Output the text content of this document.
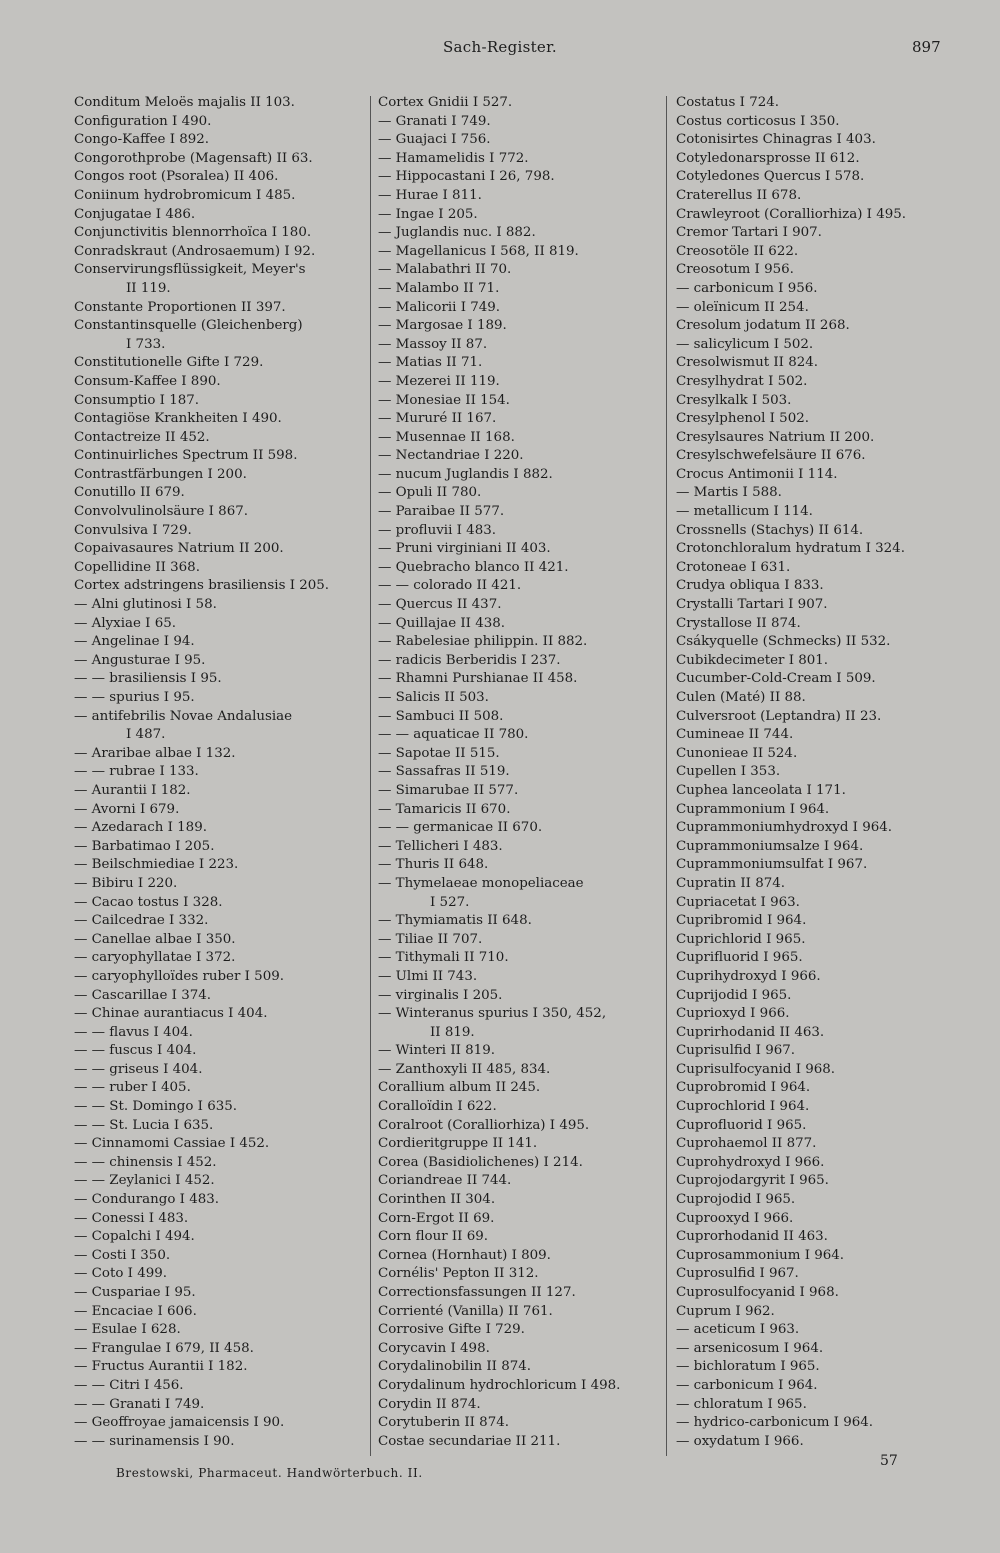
Sach-Register.	897
Conditum Meloës majalis II 103.
Configuration I 490.
Congo-Kaffee I 892.
Congorothprobe (Magensaft) II 63.
Congos root (Psoralea) II 406.
Coniinum hydrobromicum I 485.
Conjugatae I 486.
Conjunctivitis blennorrhoïca I 180.
Conradskraut (Androsaemum) I 92.
Conservirungsflüssigkeit, Meyer's
II 119.
Constante Proportionen II 397.
Constantinsquelle (Gleichenberg)
I 733.
Constitutionelle Gifte I 729.
Consum-Kaffee I 890.
Consumptio I 187.
Contagiöse Krankheiten I 490.
Contactreize II 452.
Continuirliches Spectrum II 598.
Contrastfärbungen I 200.
Conutillo II 679.
Convolvulinolsäure I 867.
Convulsiva I 729.
Copaivasaures Natrium II 200.
Copellidine II 368.
Cortex adstringens brasiliensis I 205.
— Alni glutinosi I 58.
— Alyxiae I 65.
— Angelinae I 94.
— Angusturae I 95.
— — brasiliensis I 95.
— — spurius I 95.
— antifebrilis Novae Andalusiae
I 487.
— Araribae albae I 132.
— — rubrae I 133.
— Aurantii I 182.
— Avorni I 679.
— Azedarach I 189.
— Barbatimao I 205.
— Beilschmiediae I 223.
— Bibiru I 220.
— Cacao tostus I 328.
— Cailcedrae I 332.
— Canellae albae I 350.
— caryophyllatae I 372.
— caryophylloïdes ruber I 509.
— Cascarillae I 374.
— Chinae aurantiacus I 404.
— — flavus I 404.
— — fuscus I 404.
— — griseus I 404.
— — ruber I 405.
— — St. Domingo I 635.
— — St. Lucia I 635.
— Cinnamomi Cassiae I 452.
— — chinensis I 452.
— — Zeylanici I 452.
— Condurango I 483.
— Conessi I 483.
— Copalchi I 494.
— Costi I 350.
— Coto I 499.
— Cuspariae I 95.
— Encaciae I 606.
— Esulae I 628.
— Frangulae I 679, II 458.
— Fructus Aurantii I 182.
— — Citri I 456.
— — Granati I 749.
— Geoffroyae jamaicensis I 90.
— — surinamensis I 90.
Cortex Gnidii I 527.
— Granati I 749.
— Guajaci I 756.
— Hamamelidis I 772.
— Hippocastani I 26, 798.
— Hurae I 811.
— Ingae I 205.
— Juglandis nuc. I 882.
— Magellanicus I 568, II 819.
— Malabathri II 70.
— Malambo II 71.
— Malicorii I 749.
— Margosae I 189.
— Massoy II 87.
— Matias II 71.
— Mezerei II 119.
— Monesiae II 154.
— Mururé II 167.
— Musennae II 168.
— Nectandriae I 220.
— nucum Juglandis I 882.
— Opuli II 780.
— Paraibae II 577.
— profluvii I 483.
— Pruni virginiani II 403.
— Quebracho blanco II 421.
— — colorado II 421.
— Quercus II 437.
— Quillajae II 438.
— Rabelesiae philippin. II 882.
— radicis Berberidis I 237.
— Rhamni Purshianae II 458.
— Salicis II 503.
— Sambuci II 508.
— — aquaticae II 780.
— Sapotae II 515.
— Sassafras II 519.
— Simarubae II 577.
— Tamaricis II 670.
— — germanicae II 670.
— Tellicheri I 483.
— Thuris II 648.
— Thymelaeae monopeliaceae
I 527.
— Thymiamatis II 648.
— Tiliae II 707.
— Tithymali II 710.
— Ulmi II 743.
— virginalis I 205.
— Winteranus spurius I 350, 452,
II 819.
— Winteri II 819.
— Zanthoxyli II 485, 834.
Corallium album II 245.
Coralloïdin I 622.
Coralroot (Coralliorhiza) I 495.
Cordieritgruppe II 141.
Corea (Basidiolichenes) I 214.
Coriandreae II 744.
Corinthen II 304.
Corn-Ergot II 69.
Corn flour II 69.
Cornea (Hornhaut) I 809.
Cornélis' Pepton II 312.
Correctionsfassungen II 127.
Corrienté (Vanilla) II 761.
Corrosive Gifte I 729.
Corycavin I 498.
Corydalinobilin II 874.
Corydalinum hydrochloricum I 498.
Corydin II 874.
Corytuberin II 874.
Costae secundariae II 211.
Costatus I 724.
Costus corticosus I 350.
Cotonisirtes Chinagras I 403.
Cotyledonarsprosse II 612.
Cotyledones Quercus I 578.
Craterellus II 678.
Crawleyroot (Coralliorhiza) I 495.
Cremor Tartari I 907.
Creosotöle II 622.
Creosotum I 956.
— carbonicum I 956.
— oleïnicum II 254.
Cresolum jodatum II 268.
— salicylicum I 502.
Cresolwismut II 824.
Cresylhydrat I 502.
Cresylkalk I 503.
Cresylphenol I 502.
Cresylsaures Natrium II 200.
Cresylschwefelsäure II 676.
Crocus Antimonii I 114.
— Martis I 588.
— metallicum I 114.
Crossnells (Stachys) II 614.
Crotonchloralum hydratum I 324.
Crotoneae I 631.
Crudya obliqua I 833.
Crystalli Tartari I 907.
Crystallose II 874.
Csákyquelle (Schmecks) II 532.
Cubikdecimeter I 801.
Cucumber-Cold-Cream I 509.
Culen (Maté) II 88.
Culversroot (Leptandra) II 23.
Cumineae II 744.
Cunonieae II 524.
Cupellen I 353.
Cuphea lanceolata I 171.
Cuprammonium I 964.
Cuprammoniumhydroxyd I 964.
Cuprammoniumsalze I 964.
Cuprammoniumsulfat I 967.
Cupratin II 874.
Cupriacetat I 963.
Cupribromid I 964.
Cuprichlorid I 965.
Cuprifluorid I 965.
Cuprihydroxyd I 966.
Cuprijodid I 965.
Cuprioxyd I 966.
Cuprirhodanid II 463.
Cuprisulfid I 967.
Cuprisulfocyanid I 968.
Cuprobromid I 964.
Cuprochlorid I 964.
Cuprofluorid I 965.
Cuprohaemol II 877.
Cuprohydroxyd I 966.
Cuprojodargyrit I 965.
Cuprojodid I 965.
Cuprooxyd I 966.
Cuprorhodanid II 463.
Cuprosammonium I 964.
Cuprosulfid I 967.
Cuprosulfocyanid I 968.
Cuprum I 962.
— aceticum I 963.
— arsenicosum I 964.
— bichloratum I 965.
— carbonicum I 964.
— chloratum I 965.
— hydrico-carbonicum I 964.
— oxydatum I 966.
Brestowski, Pharmaceut. Handwörterbuch. II.
57
